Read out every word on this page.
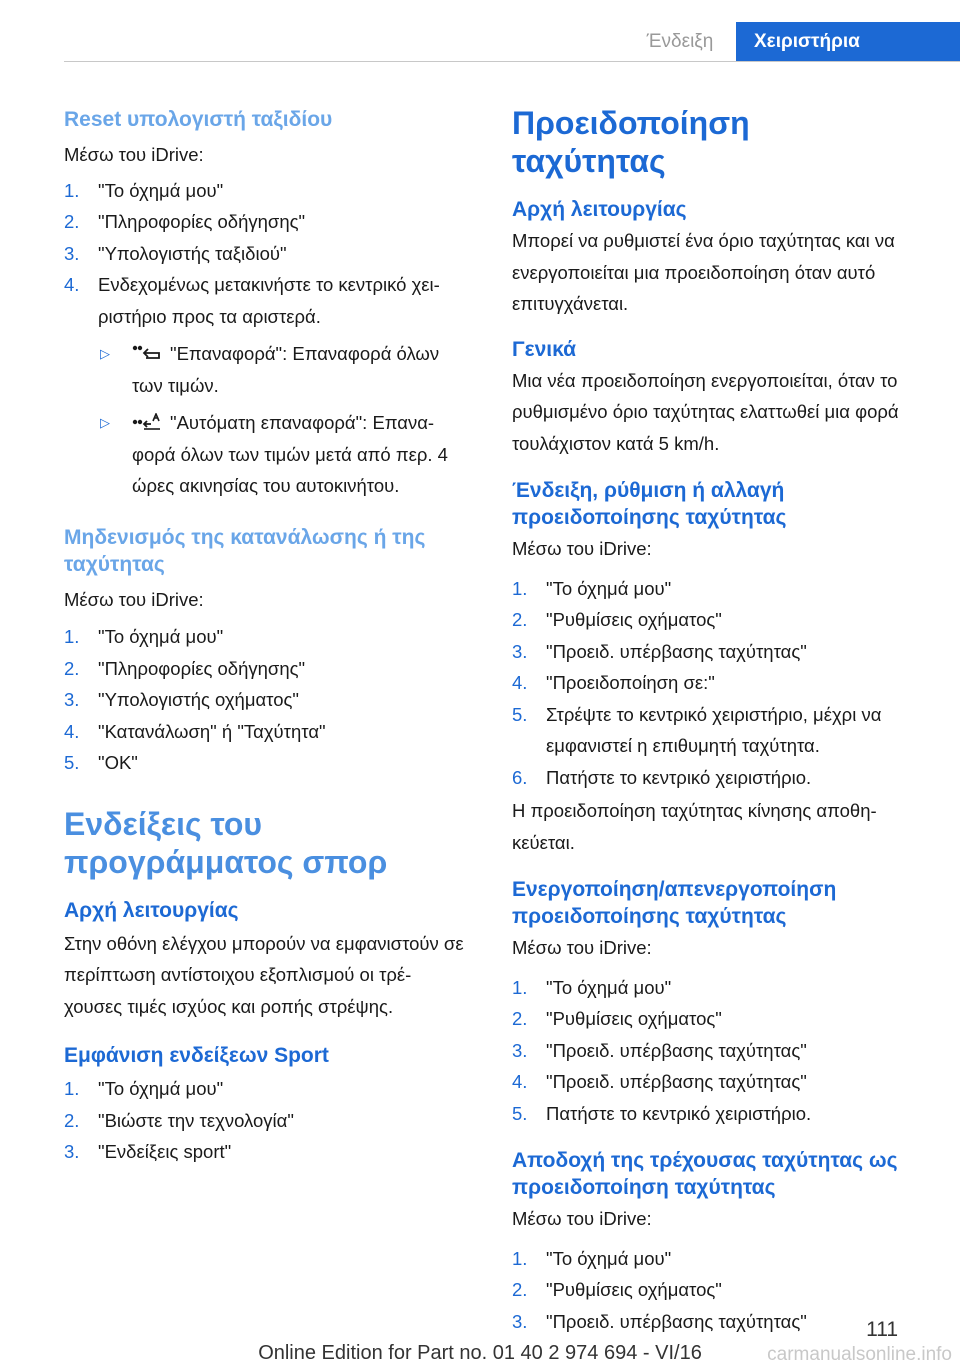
Ένδειξη	Χειριστήρια
Reset υπολογιστή ταξιδίου

Μέσω του iDrive:

1. "Το όχημά μου"
2. "Πληροφορίες οδήγησης"
3. "Υπολογιστής ταξιδιού"
4. Ενδεχομένως μετακινήστε το κεντρικό χει- ριστήριο προς τα αριστερά.
▷	"Επαναφορά": Επαναφορά όλων των τιμών.
▷	"Αυτόματη επαναφορά": Επανα- φορά όλων των τιμών μετά από περ. 4 ώρες ακινησίας του αυτοκινήτου.
Μηδενισμός της κατανάλωσης ή της ταχύτητας

Μέσω του iDrive:

1. "Το όχημά μου"
2. "Πληροφορίες οδήγησης"
3. "Υπολογιστής οχήματος"
4. "Κατανάλωση" ή "Ταχύτητα"
5. "OK"
Ενδείξεις του προγράμματος σπορ
Αρχή λειτουργίας

Στην οθόνη ελέγχου μπορούν να εμφανιστούν σε περίπτωση αντίστοιχου εξοπλισμού οι τρέ- χουσες τιμές ισχύος και ροπής στρέψης.

Εμφάνιση ενδείξεων Sport
1. "Το όχημά μου"
2. "Βιώστε την τεχνολογία"
3. "Ενδείξεις sport"
Προειδοποίηση ταχύτητας
Αρχή λειτουργίας

Μπορεί να ρυθμιστεί ένα όριο ταχύτητας και να ενεργοποιείται μια προειδοποίηση όταν αυτό επιτυγχάνεται.

Γενικά

Μια νέα προειδοποίηση ενεργοποιείται, όταν το ρυθμισμένο όριο ταχύτητας ελαττωθεί μια φορά τουλάχιστον κατά 5 km/h.

Ένδειξη, ρύθμιση ή αλλαγή προειδοποίησης ταχύτητας

Μέσω του iDrive:

1. "Το όχημά μου"
2. "Ρυθμίσεις οχήματος"
3. "Προειδ. υπέρβασης ταχύτητας"
4. "Προειδοποίηση σε:"
5. Στρέψτε το κεντρικό χειριστήριο, μέχρι να εμφανιστεί η επιθυμητή ταχύτητα.
6. Πατήστε το κεντρικό χειριστήριο.

Η προειδοποίηση ταχύτητας κίνησης αποθη- κεύεται.

Ενεργοποίηση/απενεργοποίηση προειδοποίησης ταχύτητας

Μέσω του iDrive:

1. "Το όχημά μου"
2. "Ρυθμίσεις οχήματος"
3. "Προειδ. υπέρβασης ταχύτητας"
4. "Προειδ. υπέρβασης ταχύτητας"
5. Πατήστε το κεντρικό χειριστήριο.
Αποδοχή της τρέχουσας ταχύτητας ως προειδοποίηση ταχύτητας

Μέσω του iDrive:

1. "Το όχημά μου"
2. "Ρυθμίσεις οχήματος"
3. "Προειδ. υπέρβασης ταχύτητας"	111
Online Edition for Part no. 01 40 2 974 694 - VI/16	carmanualsonline.info
